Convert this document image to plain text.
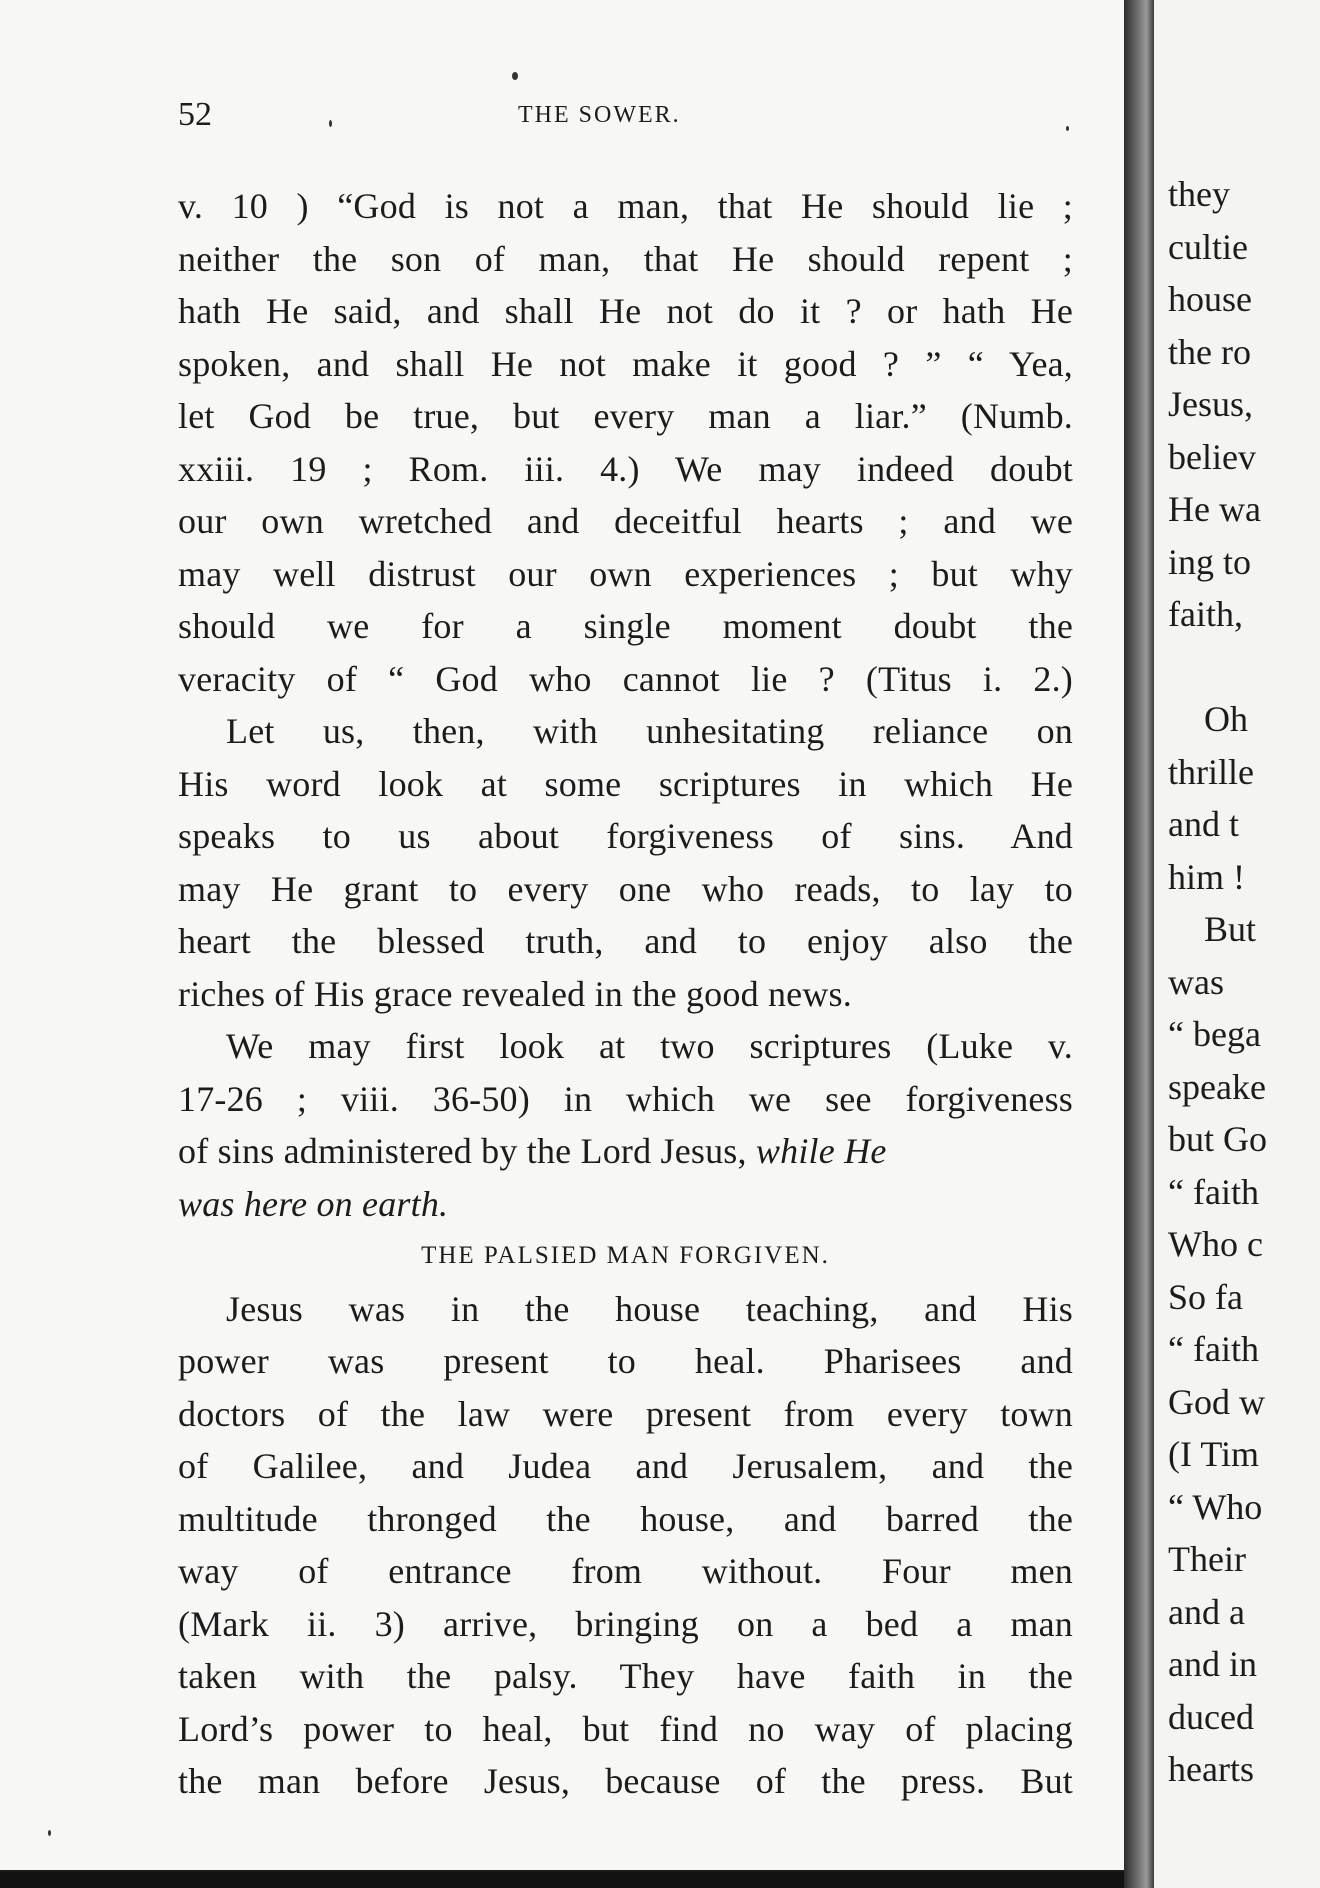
52	THE SOWER.
v. 10 ) “God is not a man, that He should lie ;
neither the son of man, that He should repent ;
hath He said, and shall He not do it ? or hath He
spoken, and shall He not make it good ? ” “ Yea,
let God be true, but every man a liar.” (Numb.
xxiii. 19 ; Rom. iii. 4.) We may indeed doubt
our own wretched and deceitful hearts ; and we
may well distrust our own experiences ; but why
should we for a single moment doubt the
veracity of “ God who cannot lie ? (Titus i. 2.)
Let us, then, with unhesitating reliance on
His word look at some scriptures in which He
speaks to us about forgiveness of sins. And
may He grant to every one who reads, to lay to
heart the blessed truth, and to enjoy also the
riches of His grace revealed in the good news.
We may first look at two scriptures (Luke v.
17-26 ; viii. 36-50) in which we see forgiveness
of sins administered by the Lord Jesus, while He
was here on earth.
THE PALSIED MAN FORGIVEN.
Jesus was in the house teaching, and His
power was present to heal. Pharisees and
doctors of the law were present from every town
of Galilee, and Judea and Jerusalem, and the
multitude thronged the house, and barred the
way of entrance from without. Four men
(Mark ii. 3) arrive, bringing on a bed a man
taken with the palsy. They have faith in the
Lord’s power to heal, but find no way of placing
the man before Jesus, because of the press. But
they
cultie
house
the ro
Jesus,
believ
He wa
ing to
faith,
Oh
thrille
and t
him !
But
was
“ bega
speake
but Go
“ faith
Who c
So fa
“ faith
God w
(I Tim
“ Who
Their
and a
and in
duced
hearts
